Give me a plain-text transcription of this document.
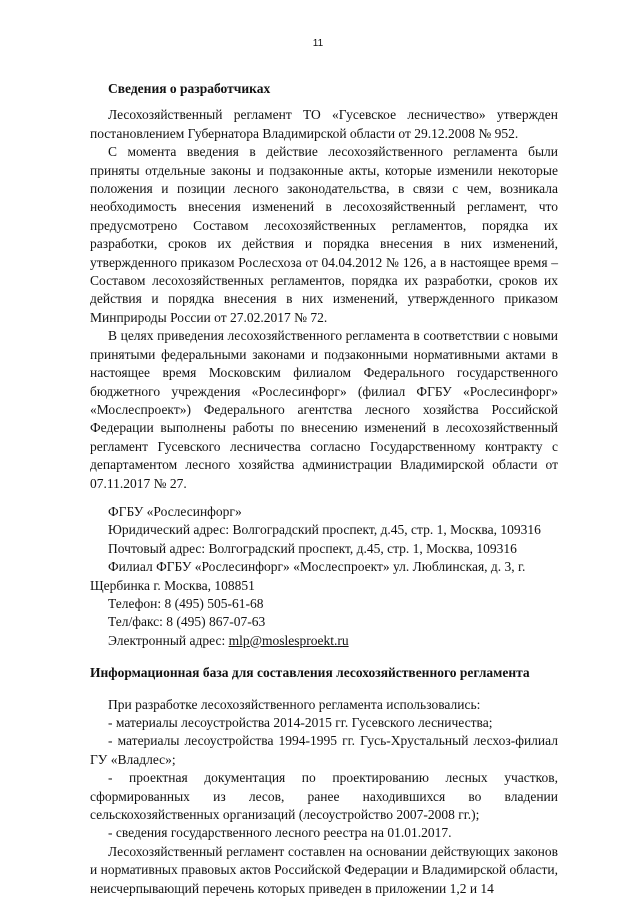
11
Сведения о разработчиках

Лесохозяйственный регламент ТО «Гусевское лесничество» утвержден постановлением Губернатора Владимирской области от 29.12.2008 № 952.

С момента введения в действие лесохозяйственного регламента были приняты отдельные законы и подзаконные акты, которые изменили некоторые положения и позиции лесного законодательства, в связи с чем, возникала необходимость внесения изменений в лесохозяйственный регламент, что предусмотрено Составом лесохозяйственных регламентов, порядка их разработки, сроков их действия и порядка внесения в них изменений, утвержденного приказом Рослесхоза от 04.04.2012 № 126, а в настоящее время – Составом лесохозяйственных регламентов, порядка их разработки, сроков их действия и порядка внесения в них изменений, утвержденного приказом Минприроды России от 27.02.2017 № 72.

В целях приведения лесохозяйственного регламента в соответствии с новыми принятыми федеральными законами и подзаконными нормативными актами в настоящее время Московским филиалом Федерального государственного бюджетного учреждения «Рослесинфорг» (филиал ФГБУ «Рослесинфорг» «Мослеспроект») Федерального агентства лесного хозяйства Российской Федерации выполнены работы по внесению изменений в лесохозяйственный регламент Гусевского лесничества согласно Государственному контракту с департаментом лесного хозяйства администрации Владимирской области от 07.11.2017 № 27.

ФГБУ «Рослесинфорг»
Юридический адрес: Волгоградский проспект, д.45, стр. 1, Москва, 109316
Почтовый адрес: Волгоградский проспект, д.45, стр. 1, Москва, 109316
Филиал ФГБУ «Рослесинфорг» «Мослеспроект» ул. Люблинская, д. 3, г. Щербинка г. Москва, 108851
Телефон: 8 (495) 505-61-68
Тел/факс: 8 (495) 867-07-63
Электронный адрес: mlp@moslesproekt.ru
Информационная база для составления лесохозяйственного регламента

При разработке лесохозяйственного регламента использовались:

- материалы лесоустройства 2014-2015 гг. Гусевского лесничества;
- материалы лесоустройства 1994-1995 гг. Гусь-Хрустальный лесхоз-филиал ГУ «Владлес»;
- проектная документация по проектированию лесных участков, сформированных из лесов, ранее находившихся во владении сельскохозяйственных организаций (лесоустройство 2007-2008 гг.);
- сведения государственного лесного реестра на 01.01.2017.

Лесохозяйственный регламент составлен на основании действующих законов и нормативных правовых актов Российской Федерации и Владимирской области, неисчерпывающий перечень которых приведен в приложении 1,2 и 14
